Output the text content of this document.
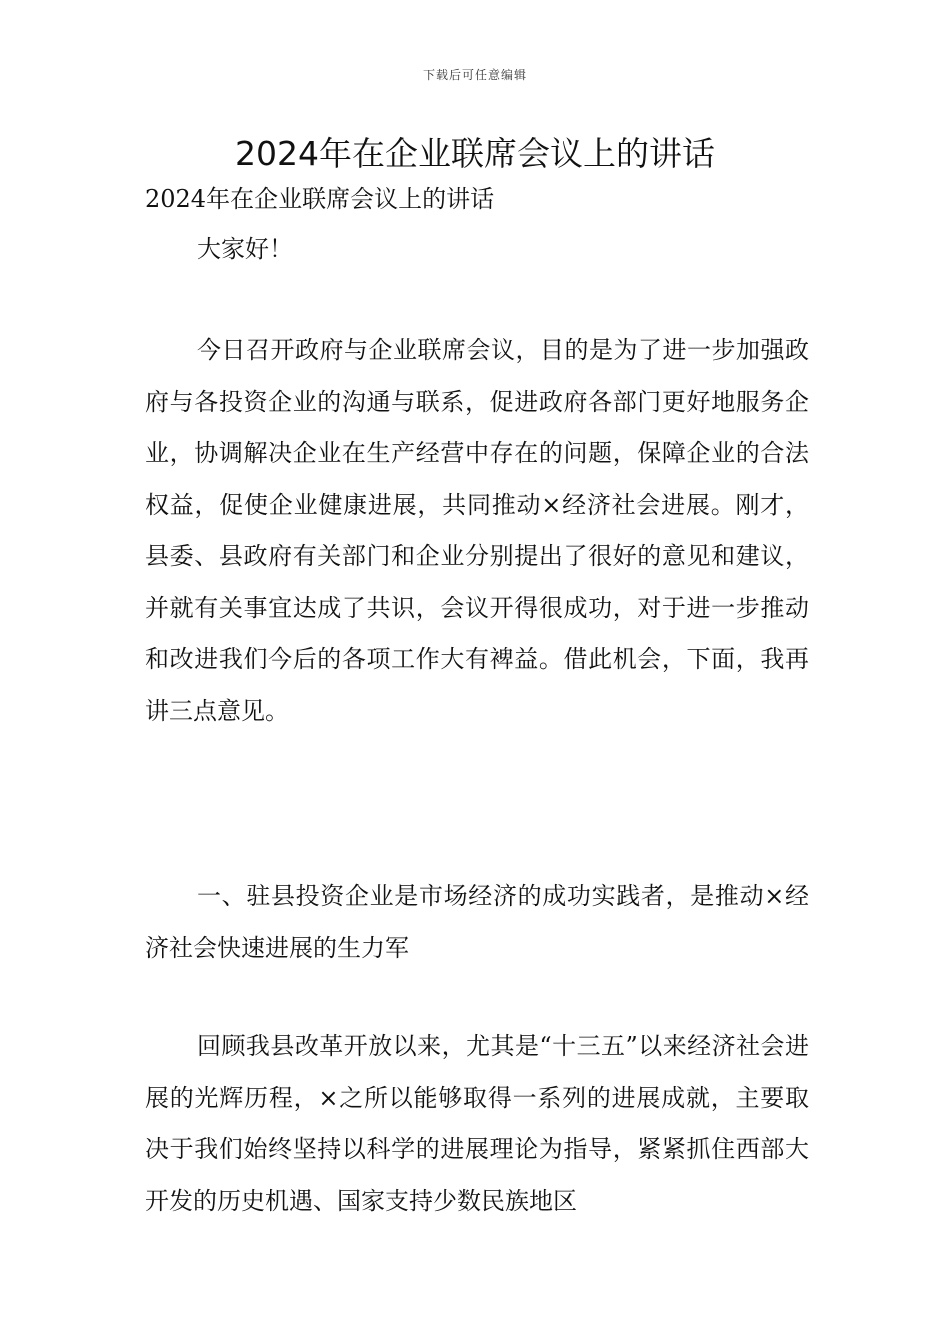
下载后可任意编辑
2024年在企业联席会议上的讲话
2024年在企业联席会议上的讲话
大家好！

今日召开政府与企业联席会议，目的是为了进一步加强政府与各投资企业的沟通与联系，促进政府各部门更好地服务企业，协调解决企业在生产经营中存在的问题，保障企业的合法权益，促使企业健康进展，共同推动×经济社会进展。刚才，县委、县政府有关部门和企业分别提出了很好的意见和建议，并就有关事宜达成了共识，会议开得很成功，对于进一步推动和改进我们今后的各项工作大有裨益。借此机会，下面，我再讲三点意见。

一、驻县投资企业是市场经济的成功实践者，是推动×经济社会快速进展的生力军

回顾我县改革开放以来，尤其是“十三五”以来经济社会进展的光辉历程，×之所以能够取得一系列的进展成就，主要取决于我们始终坚持以科学的进展理论为指导，紧紧抓住西部大开发的历史机遇、国家支持少数民族地区
